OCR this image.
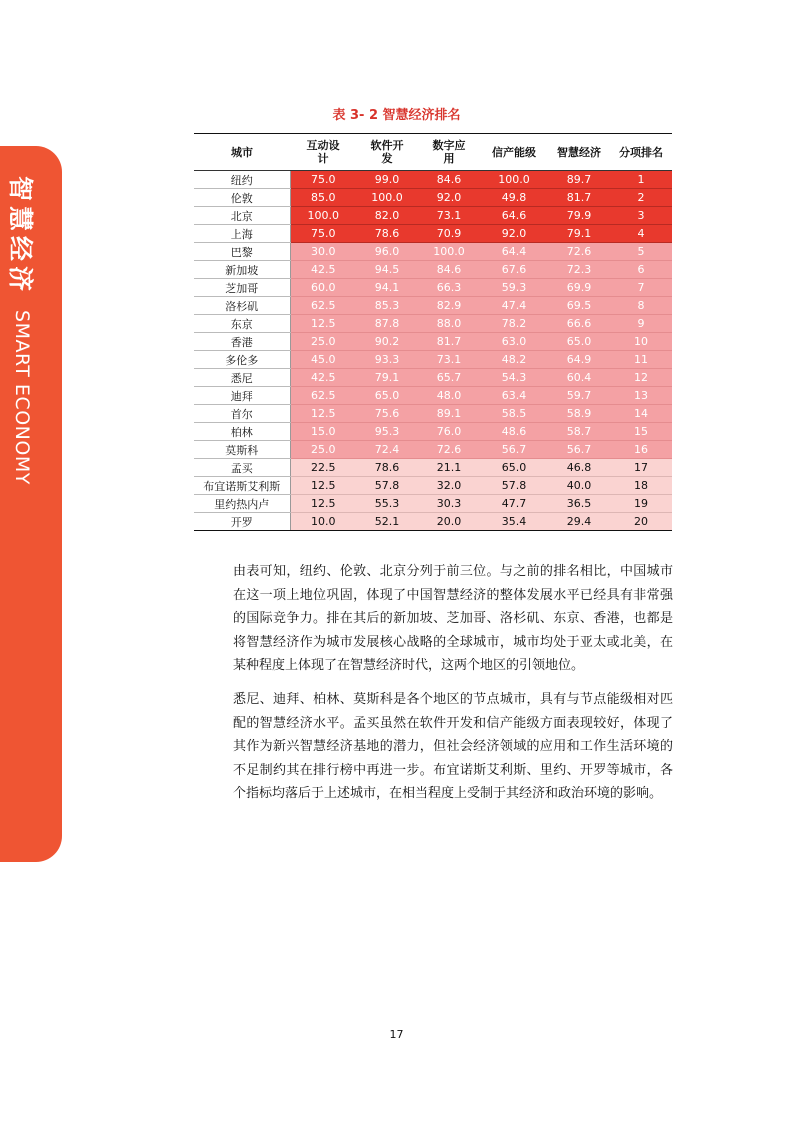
智慧经济
SMART ECONOMY
表 3- 2 智慧经济排名
城市	互动设计	软件开发	数字应用	信产能级	智慧经济	分项排名
纽约	75.0	99.0	84.6	100.0	89.7	1
伦敦	85.0	100.0	92.0	49.8	81.7	2
北京	100.0	82.0	73.1	64.6	79.9	3
上海	75.0	78.6	70.9	92.0	79.1	4
巴黎	30.0	96.0	100.0	64.4	72.6	5
新加坡	42.5	94.5	84.6	67.6	72.3	6
芝加哥	60.0	94.1	66.3	59.3	69.9	7
洛杉矶	62.5	85.3	82.9	47.4	69.5	8
东京	12.5	87.8	88.0	78.2	66.6	9
香港	25.0	90.2	81.7	63.0	65.0	10
多伦多	45.0	93.3	73.1	48.2	64.9	11
悉尼	42.5	79.1	65.7	54.3	60.4	12
迪拜	62.5	65.0	48.0	63.4	59.7	13
首尔	12.5	75.6	89.1	58.5	58.9	14
柏林	15.0	95.3	76.0	48.6	58.7	15
莫斯科	25.0	72.4	72.6	56.7	56.7	16
孟买	22.5	78.6	21.1	65.0	46.8	17
布宜诺斯艾利斯	12.5	57.8	32.0	57.8	40.0	18
里约热内卢	12.5	55.3	30.3	47.7	36.5	19
开罗	10.0	52.1	20.0	35.4	29.4	20

由表可知，纽约、伦敦、北京分列于前三位。与之前的排名相比，中国城市在这一项上地位巩固，体现了中国智慧经济的整体发展水平已经具有非常强的国际竞争力。排在其后的新加坡、芝加哥、洛杉矶、东京、香港，也都是将智慧经济作为城市发展核心战略的全球城市，城市均处于亚太或北美，在某种程度上体现了在智慧经济时代，这两个地区的引领地位。

悉尼、迪拜、柏林、莫斯科是各个地区的节点城市，具有与节点能级相对匹配的智慧经济水平。孟买虽然在软件开发和信产能级方面表现较好，体现了其作为新兴智慧经济基地的潜力，但社会经济领域的应用和工作生活环境的不足制约其在排行榜中再进一步。布宜诺斯艾利斯、里约、开罗等城市，各个指标均落后于上述城市，在相当程度上受制于其经济和政治环境的影响。

17
